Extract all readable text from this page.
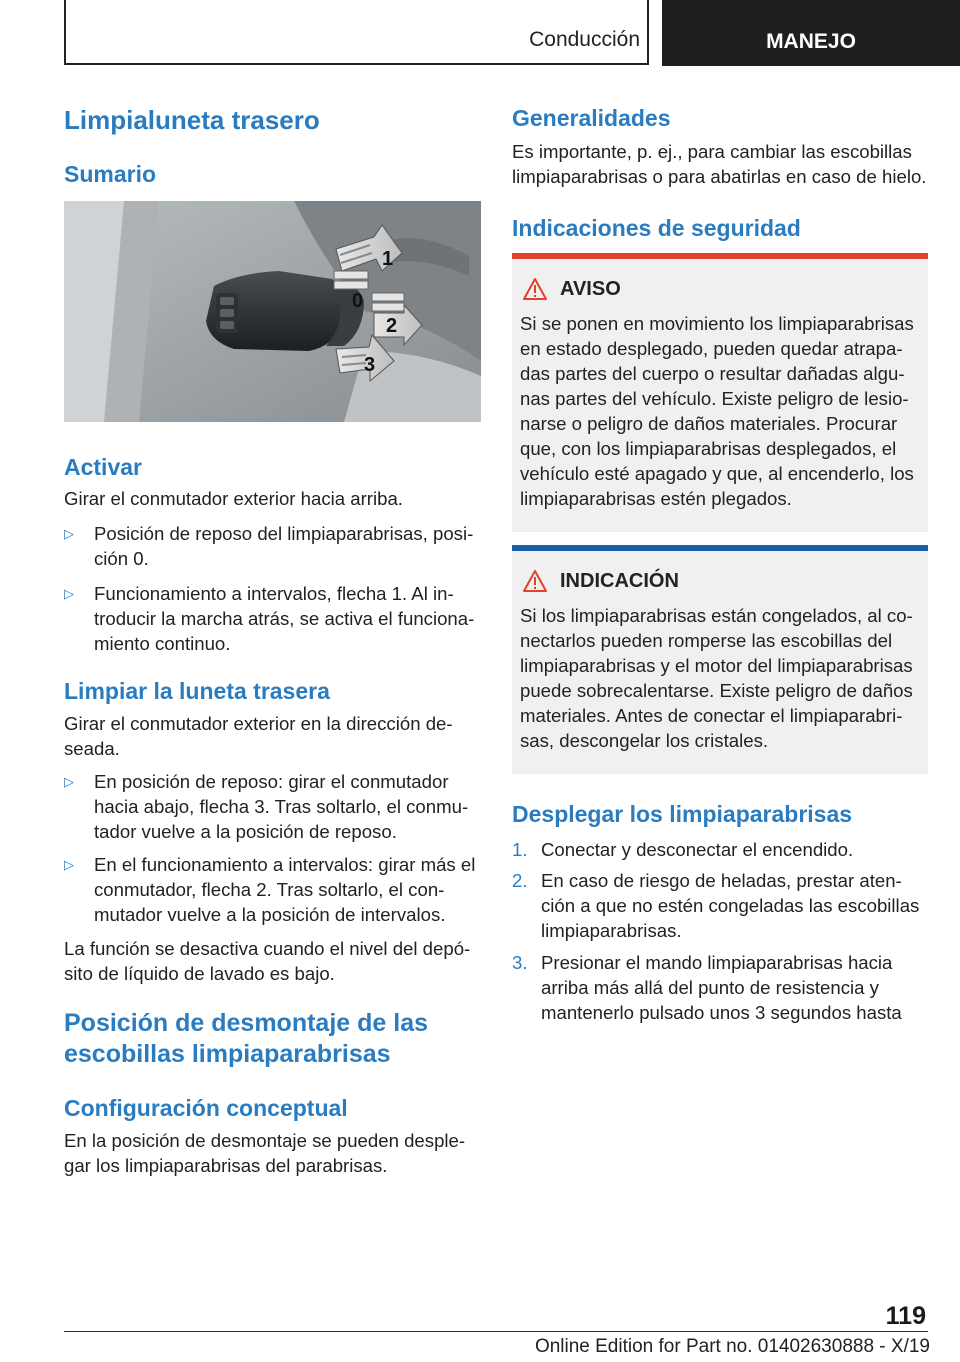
Conducción	MANEJO
Limpialuneta trasero
Sumario
1
0
2
3
Activar
Girar el conmutador exterior hacia arriba.
▷ Posición de reposo del limpiaparabrisas, posi-ción 0.
▷ Funcionamiento a intervalos, flecha 1. Al in-troducir la marcha atrás, se activa el funciona-miento continuo.
Limpiar la luneta trasera
Girar el conmutador exterior en la dirección de-seada.
▷ En posición de reposo: girar el conmutador hacia abajo, flecha 3. Tras soltarlo, el conmu-tador vuelve a la posición de reposo.
▷ En el funcionamiento a intervalos: girar más el conmutador, flecha 2. Tras soltarlo, el con-mutador vuelve a la posición de intervalos.
La función se desactiva cuando el nivel del depó-sito de líquido de lavado es bajo.
Posición de desmontaje de las escobillas limpiaparabrisas
Configuración conceptual
En la posición de desmontaje se pueden desple-gar los limpiaparabrisas del parabrisas.
Generalidades
Es importante, p. ej., para cambiar las escobillas limpiaparabrisas o para abatirlas en caso de hielo.
Indicaciones de seguridad
AVISO
Si se ponen en movimiento los limpiaparabrisas en estado desplegado, pueden quedar atrapa-das partes del cuerpo o resultar dañadas algu-nas partes del vehículo. Existe peligro de lesio-narse o peligro de daños materiales. Procurar que, con los limpiaparabrisas desplegados, el vehículo esté apagado y que, al encenderlo, los limpiaparabrisas estén plegados.
INDICACIÓN
Si los limpiaparabrisas están congelados, al co-nectarlos pueden romperse las escobillas del limpiaparabrisas y el motor del limpiaparabrisas puede sobrecalentarse. Existe peligro de daños materiales. Antes de conectar el limpiaparabri-sas, descongelar los cristales.
Desplegar los limpiaparabrisas
1. Conectar y desconectar el encendido.
2. En caso de riesgo de heladas, prestar aten-ción a que no estén congeladas las escobillas limpiaparabrisas.
3. Presionar el mando limpiaparabrisas hacia arriba más allá del punto de resistencia y mantenerlo pulsado unos 3 segundos hasta
119
Online Edition for Part no. 01402630888 - X/19
